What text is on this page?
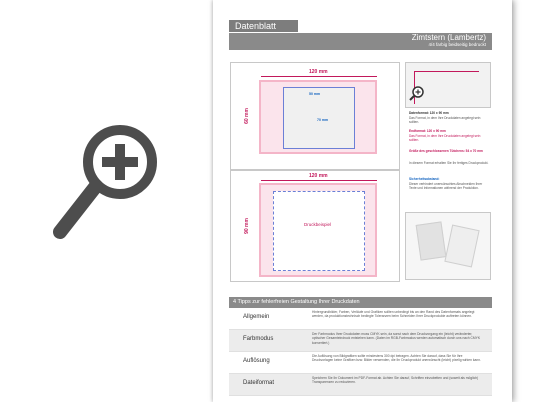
Datenblatt
Zimtstern (Lambertz)
4/4 farbig beidseitig bedruckt
120 mm
60 mm
50 mm
70 mm
120 mm
90 mm	Druckbeispiel
Datenformat: 120 x 90 mm
Das Format, in dem Ihre Druckdaten angelegt sein sollten.
Endformat: 120 x 90 mm
Das Format, in dem Ihre Druckdaten angelegt sein sollten.
Größe des geschlossenen Tütchens: 54 x 70 mm
In diesem Format erhalten Sie Ihr fertiges Druckprodukt.
Sicherheitsabstand:
Dieser verhindert unerwünschtes Abschneiden Ihrer Texte und Informationen während der Produktion.
4 Tipps zur fehlerfreien Gestaltung Ihrer Druckdaten
Allgemein
Hintergrundbilder, Farben, Verläufe und Grafiken sollten unbedingt bis an den Rand des Datenformats angelegt werden, da produktionstechnisch bedingte Toleranzen beim Schneiden Ihrer Druckprodukte auftreten können.
Farbmodus
Der Farbmodus Ihrer Druckdaten muss CMYK sein, da sonst nach dem Druckvorgang ein (leicht) veränderter, optischer Gesamteindruck entstehen kann. (Daten im RGB-Farbmodus werden automatisch durch uns nach CMYK konvertiert.)
Auflösung
Die Auflösung von Bildgrafiken sollte mindestens 300 dpi betragen. Achten Sie darauf, dass Sie für Ihre Druckvorlagen keine Grafiken bzw. Bilder verwenden, die Ihr Druckprodukt unerwünscht (leicht) pixelig wirken kann.
Dateiformat
Speichern Sie Ihr Dokument im PDF-Format ab. Achten Sie darauf, Schriften einzubetten und (soweit als möglich) Transparenzen zu reduzieren.
